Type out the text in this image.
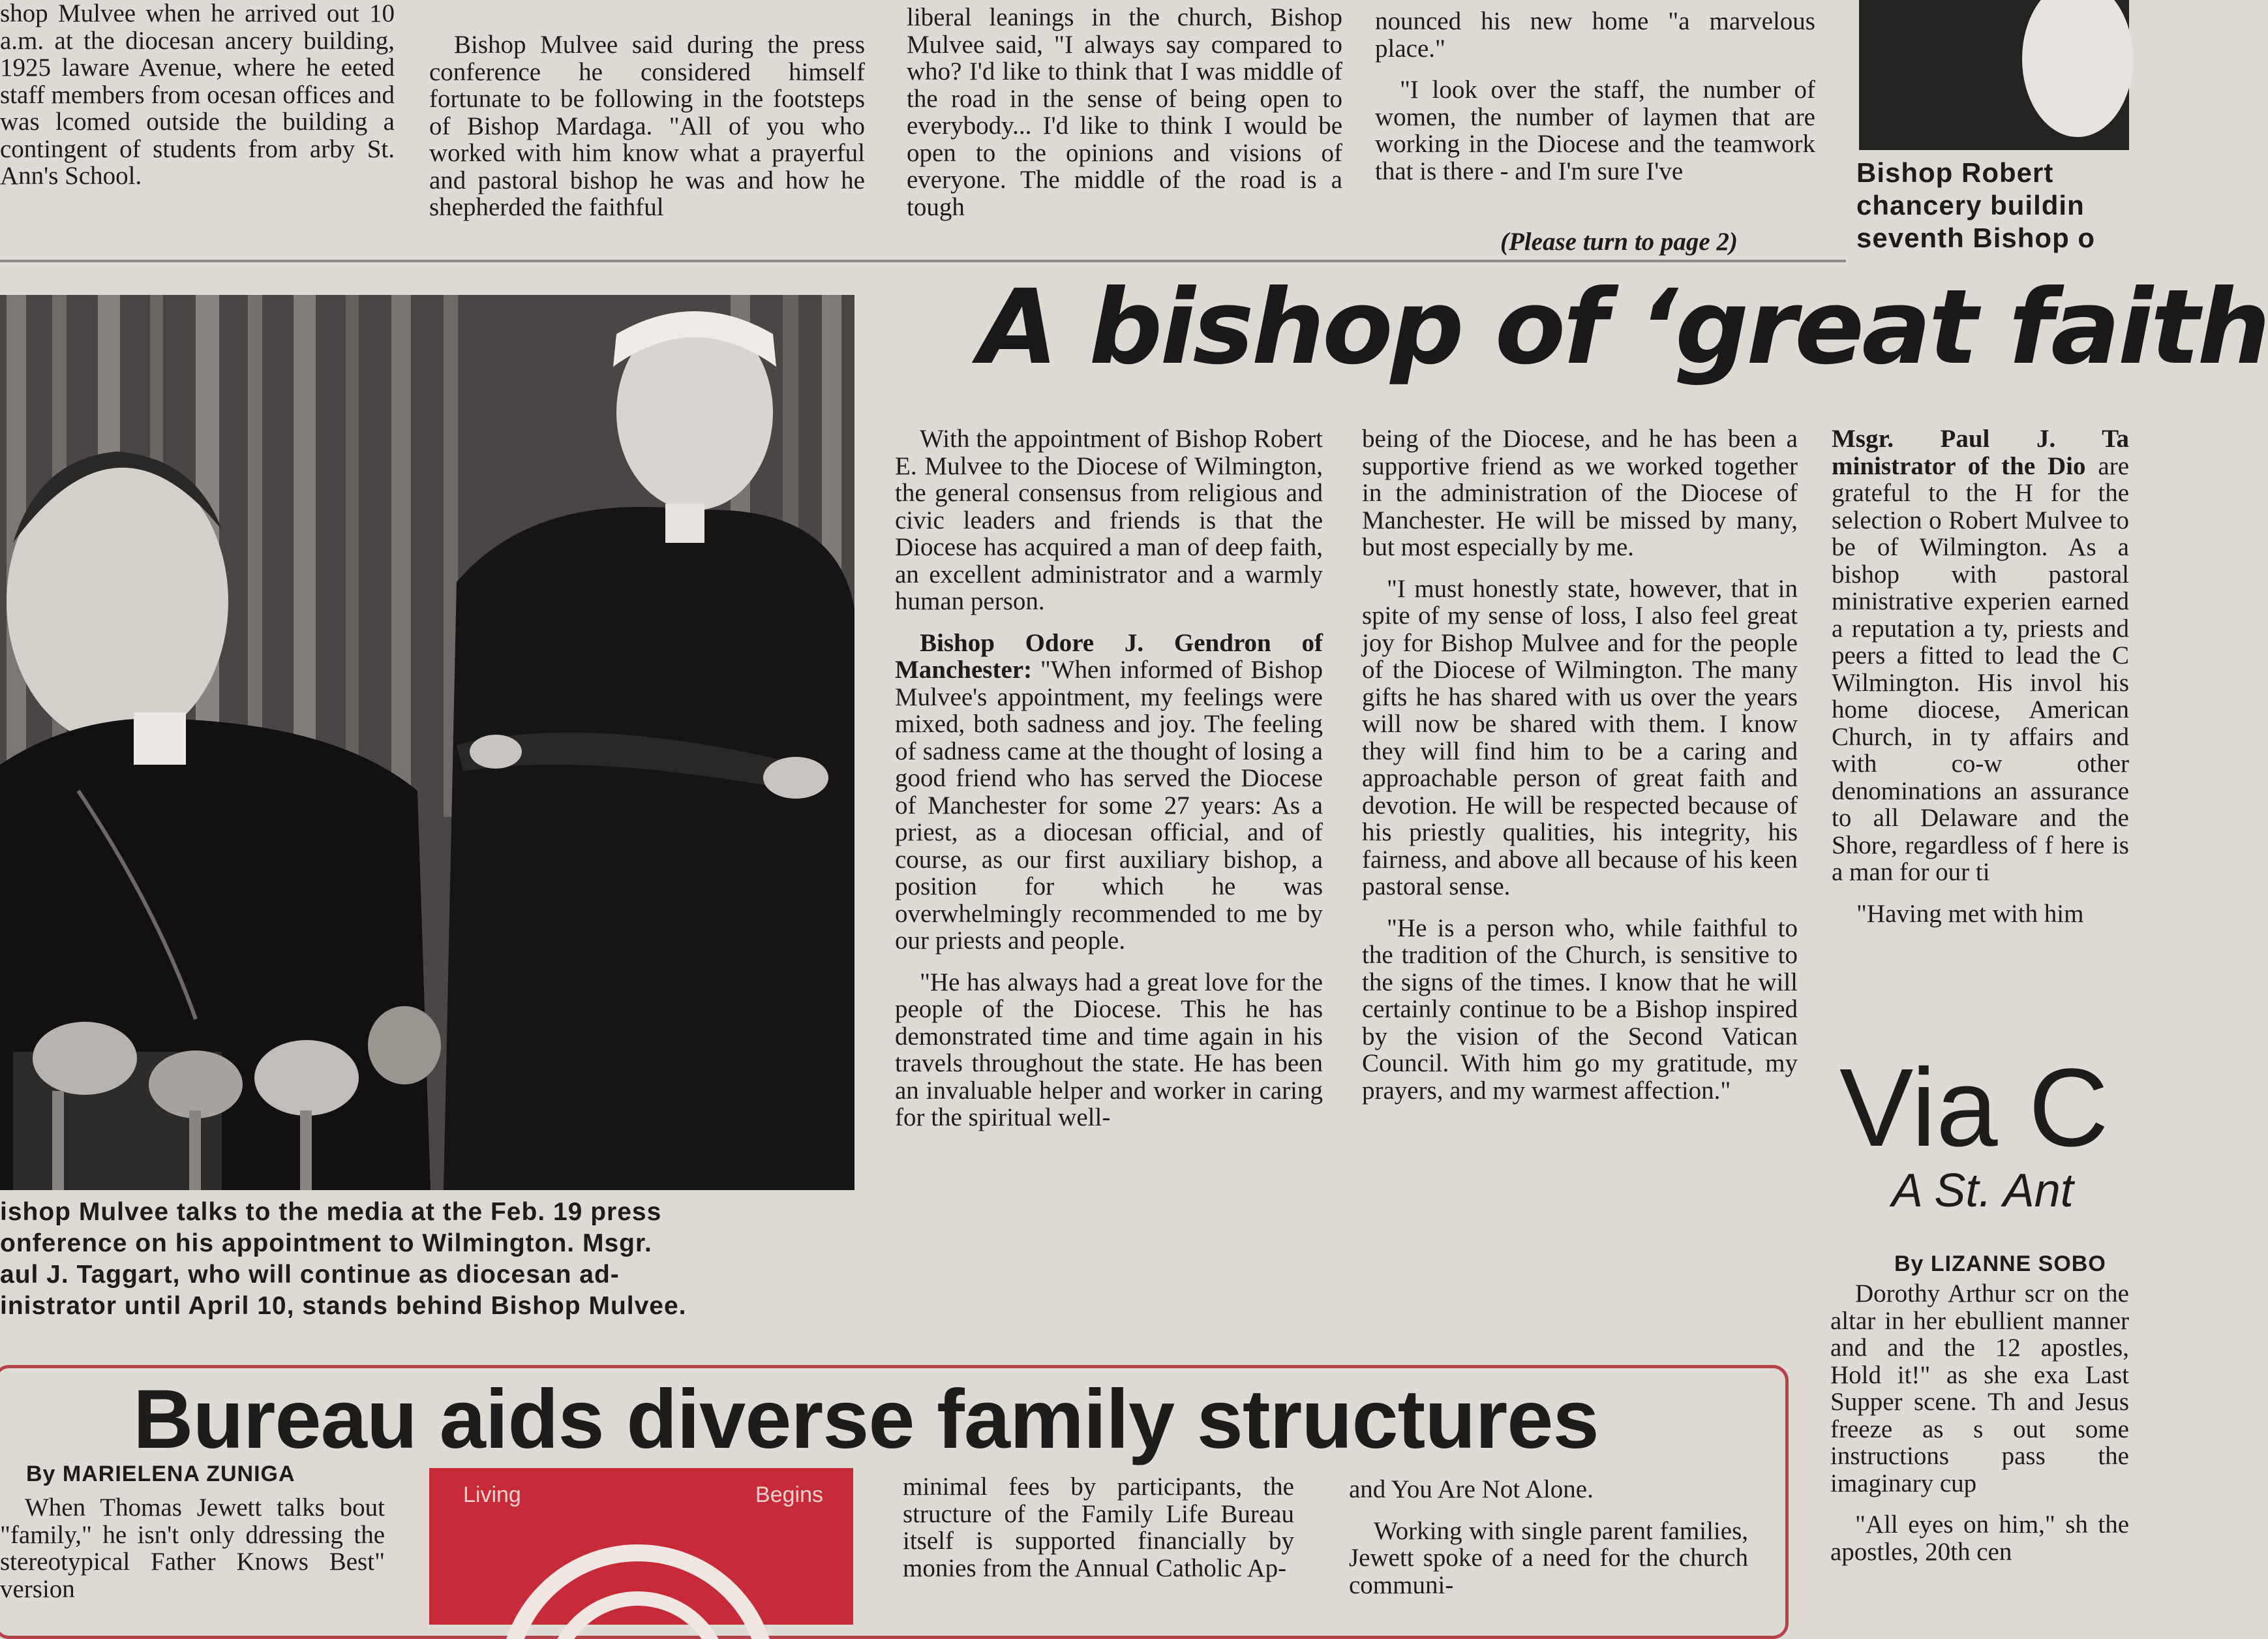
shop Mulvee when he arrived out 10 a.m. at the diocesan ancery building, 1925 laware Avenue, where he eeted staff members from ocesan offices and was lcomed outside the building a contingent of students from arby St. Ann's School.

Bishop Mulvee said during the press conference he considered himself fortunate to be following in the footsteps of Bishop Mardaga. "All of you who worked with him know what a prayerful and pastoral bishop he was and how he shepherded the faithful

liberal leanings in the church, Bishop Mulvee said, "I always say compared to who? I'd like to think that I was middle of the road in the sense of being open to everybody... I'd like to think I would be open to the opinions and visions of everyone. The middle of the road is a tough

nounced his new home "a marvelous place."

"I look over the staff, the number of women, the number of laymen that are working in the Diocese and the teamwork that is there - and I'm sure I've

(Please turn to page 2)
Bishop Robert
chancery buildin
seventh Bishop o
A bishop of ‘great faith
ishop Mulvee talks to the media at the Feb. 19 press
onference on his appointment to Wilmington. Msgr.
aul J. Taggart, who will continue as diocesan ad-
inistrator until April 10, stands behind Bishop Mulvee.

With the appointment of Bishop Robert E. Mulvee to the Diocese of Wilmington, the general consensus from religious and civic leaders and friends is that the Diocese has acquired a man of deep faith, an excellent administrator and a warmly human person.

Bishop Odore J. Gendron of Manchester: "When informed of Bishop Mulvee's appointment, my feelings were mixed, both sadness and joy. The feeling of sadness came at the thought of losing a good friend who has served the Diocese of Manchester for some 27 years: As a priest, as a diocesan official, and of course, as our first auxiliary bishop, a position for which he was overwhelmingly recommended to me by our priests and people.

"He has always had a great love for the people of the Diocese. This he has demonstrated time and time again in his travels throughout the state. He has been an invaluable helper and worker in caring for the spiritual well-

being of the Diocese, and he has been a supportive friend as we worked together in the administration of the Diocese of Manchester. He will be missed by many, but most especially by me.

"I must honestly state, however, that in spite of my sense of loss, I also feel great joy for Bishop Mulvee and for the people of the Diocese of Wilmington. The many gifts he has shared with us over the years will now be shared with them. I know they will find him to be a caring and approachable person of great faith and devotion. He will be respected because of his priestly qualities, his integrity, his fairness, and above all because of his keen pastoral sense.

"He is a person who, while faithful to the tradition of the Church, is sensitive to the signs of the times. I know that he will certainly continue to be a Bishop inspired by the vision of the Second Vatican Council. With him go my gratitude, my prayers, and my warmest affection."

Msgr. Paul J. Ta ministrator of the Dio are grateful to the H for the selection o Robert Mulvee to be of Wilmington. As a bishop with pastoral ministrative experien earned a reputation a ty, priests and peers a fitted to lead the C Wilmington. His invol his home diocese, American Church, in ty affairs and with co-w other denominations an assurance to all Delaware and the Shore, regardless of f here is a man for our ti

"Having met with him

Via C
A St. Ant
By LIZANNE SOBO

Dorothy Arthur scr on the altar in her ebullient manner and and the 12 apostles, Hold it!" as she exa Last Supper scene. Th and Jesus freeze as s out some instructions pass the imaginary cup

"All eyes on him," sh the apostles, 20th cen

Bureau aids diverse family structures
By MARIELENA ZUNIGA

When Thomas Jewett talks bout "family," he isn't only ddressing the stereotypical Father Knows Best" version

Living	Begins	minimal fees by participants, the structure of the Family Life Bureau itself is supported financially by monies from the Annual Catholic Ap-

and You Are Not Alone.

Working with single parent families, Jewett spoke of a need for the church communi-
